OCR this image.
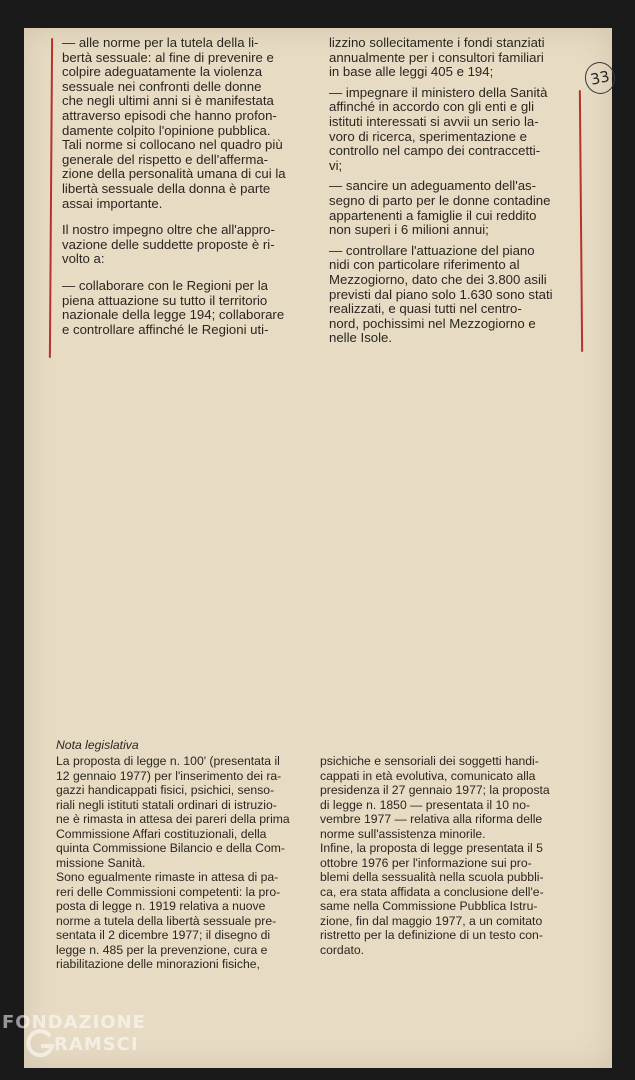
— alle norme per la tutela della li-
bertà sessuale: al fine di prevenire e
colpire adeguatamente la violenza
sessuale nei confronti delle donne
che negli ultimi anni si è manifestata
attraverso episodi che hanno profon-
damente colpito l'opinione pubblica.
Tali norme si collocano nel quadro più
generale del rispetto e dell'afferma-
zione della personalità umana di cui la
libertà sessuale della donna è parte
assai importante.

Il nostro impegno oltre che all'appro-
vazione delle suddette proposte è ri-
volto a:

— collaborare con le Regioni per la
piena attuazione su tutto il territorio
nazionale della legge 194; collaborare
e controllare affinché le Regioni uti-

lizzino sollecitamente i fondi stanziati
annualmente per i consultori familiari
in base alle leggi 405 e 194;

— impegnare il ministero della Sanità
affinché in accordo con gli enti e gli
istituti interessati si avvii un serio la-
voro di ricerca, sperimentazione e
controllo nel campo dei contraccetti-
vi;

— sancire un adeguamento dell'as-
segno di parto per le donne contadine
appartenenti a famiglie il cui reddito
non superi i 6 milioni annui;

— controllare l'attuazione del piano
nidi con particolare riferimento al
Mezzogiorno, dato che dei 3.800 asili
previsti dal piano solo 1.630 sono stati
realizzati, e quasi tutti nel centro-
nord, pochissimi nel Mezzogiorno e
nelle Isole.

33
Nota legislativa

La proposta di legge n. 100' (presentata il
12 gennaio 1977) per l'inserimento dei ra-
gazzi handicappati fisici, psichici, senso-
riali negli istituti statali ordinari di istruzio-
ne è rimasta in attesa dei pareri della prima
Commissione Affari costituzionali, della
quinta Commissione Bilancio e della Com-
missione Sanità.
Sono egualmente rimaste in attesa di pa-
reri delle Commissioni competenti: la pro-
posta di legge n. 1919 relativa a nuove
norme a tutela della libertà sessuale pre-
sentata il 2 dicembre 1977; il disegno di
legge n. 485 per la prevenzione, cura e
riabilitazione delle minorazioni fisiche,

psichiche e sensoriali dei soggetti handi-
cappati in età evolutiva, comunicato alla
presidenza il 27 gennaio 1977; la proposta
di legge n. 1850 — presentata il 10 no-
vembre 1977 — relativa alla riforma delle
norme sull'assistenza minorile.
Infine, la proposta di legge presentata il 5
ottobre 1976 per l'informazione sui pro-
blemi della sessualità nella scuola pubbli-
ca, era stata affidata a conclusione dell'e-
same nella Commissione Pubblica Istru-
zione, fin dal maggio 1977, a un comitato
ristretto per la definizione di un testo con-
cordato.

FONDAZIONE
RAMSCI
